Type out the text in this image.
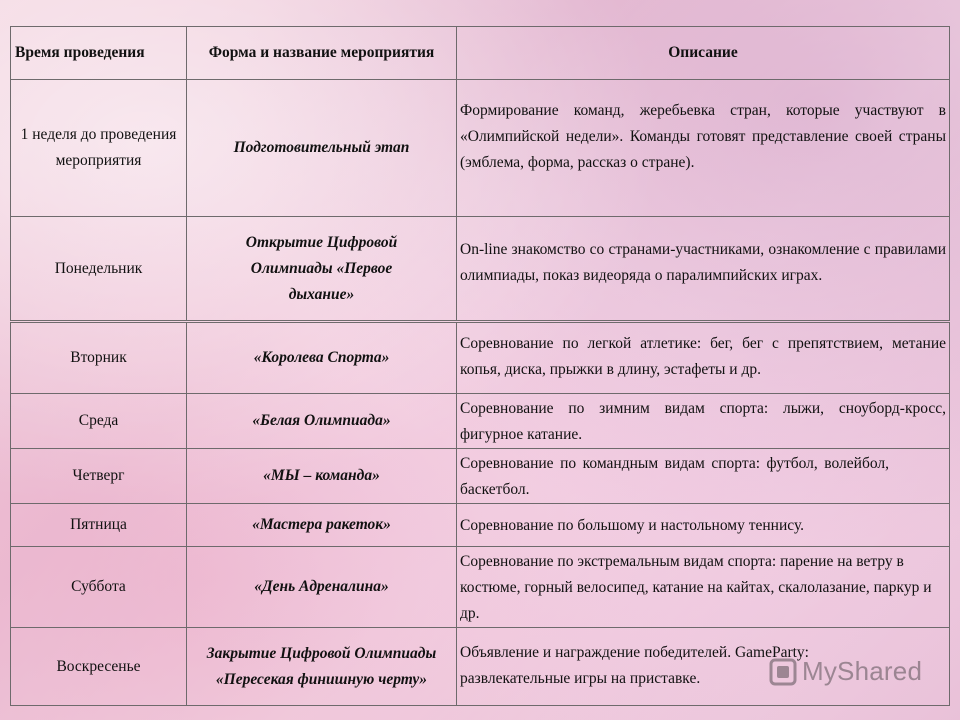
Время проведения	Форма и название мероприятия	Описание
1 неделя до проведения мероприятия	Подготовительный этап	Формирование команд, жеребьевка стран, которые участвуют в «Олимпийской недели». Команды готовят представление своей страны (эмблема, форма, рассказ о стране).
Понедельник	Открытие Цифровой Олимпиады «Первое дыхание»	On-line знакомство со странами-участниками, ознакомление с правилами олимпиады, показ видеоряда о паралимпийских играх.
Вторник	«Королева Спорта»	Соревнование по легкой атлетике: бег, бег с препятствием, метание копья, диска, прыжки в длину, эстафеты и др.
Среда	«Белая Олимпиада»	Соревнование по зимним видам спорта: лыжи, сноуборд-кросс, фигурное катание.
Четверг	«МЫ – команда»	Соревнование по командным видам спорта: футбол, волейбол, баскетбол.
Пятница	«Мастера ракеток»	Соревнование по большому и настольному теннису.
Суббота	«День Адреналина»	Соревнование по экстремальным видам спорта: парение на ветру в костюме, горный велосипед, катание на кайтах, скалолазание, паркур и др.
Воскресенье	Закрытие Цифровой Олимпиады «Пересекая финишную черту»	Объявление и награждение победителей. GameParty: развлекательные игры на приставке.	MyShared
